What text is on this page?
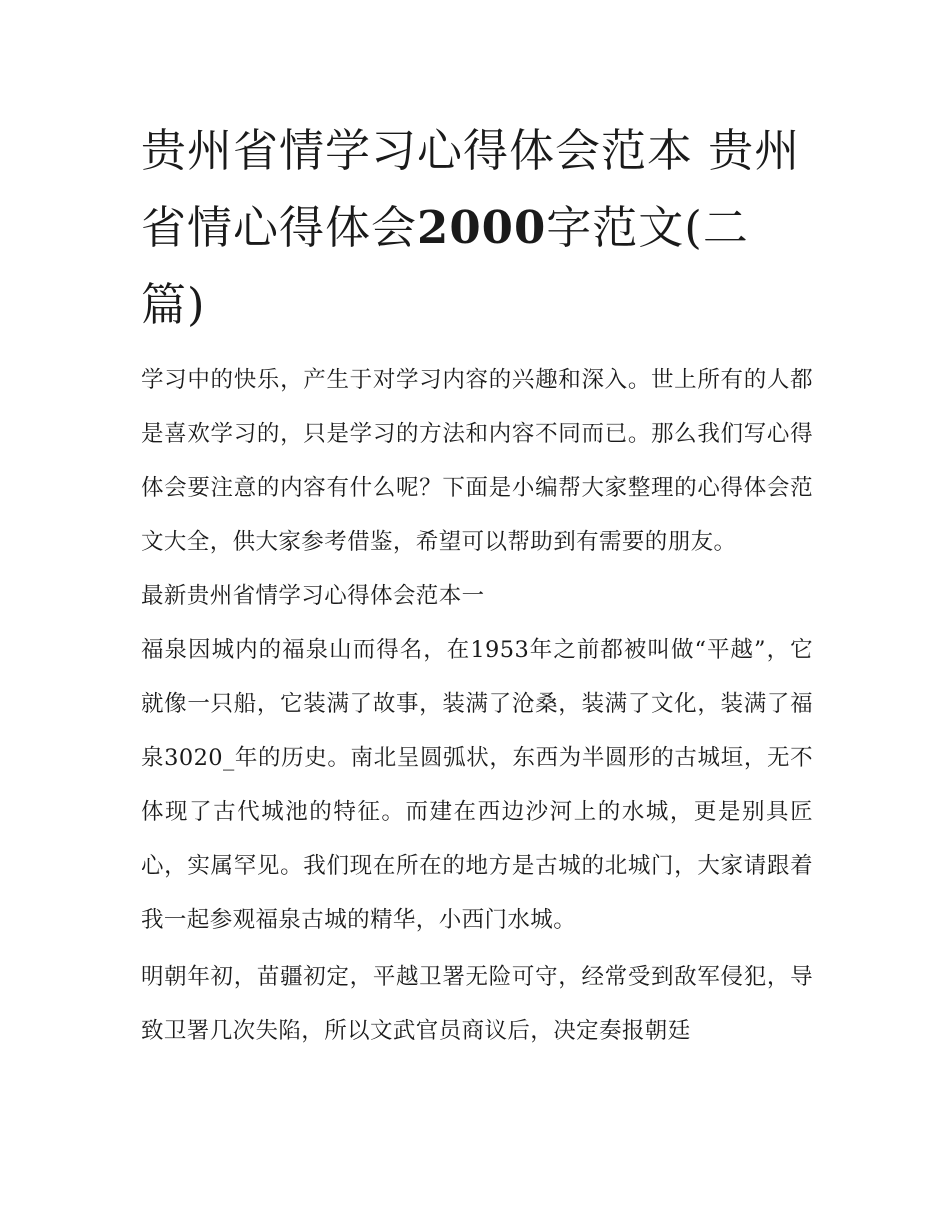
贵州省情学习心得体会范本 贵州省情心得体会2000字范文(二篇)

学习中的快乐，产生于对学习内容的兴趣和深入。世上所有的人都是喜欢学习的，只是学习的方法和内容不同而已。那么我们写心得体会要注意的内容有什么呢？下面是小编帮大家整理的心得体会范文大全，供大家参考借鉴，希望可以帮助到有需要的朋友。

最新贵州省情学习心得体会范本一

福泉因城内的福泉山而得名，在1953年之前都被叫做“平越”，它就像一只船，它装满了故事，装满了沧桑，装满了文化，装满了福泉3020_年的历史。南北呈圆弧状，东西为半圆形的古城垣，无不体现了古代城池的特征。而建在西边沙河上的水城，更是别具匠心，实属罕见。我们现在所在的地方是古城的北城门，大家请跟着我一起参观福泉古城的精华，小西门水城。

明朝年初，苗疆初定，平越卫署无险可守，经常受到敌军侵犯，导致卫署几次失陷，所以文武官员商议后，决定奏报朝廷
